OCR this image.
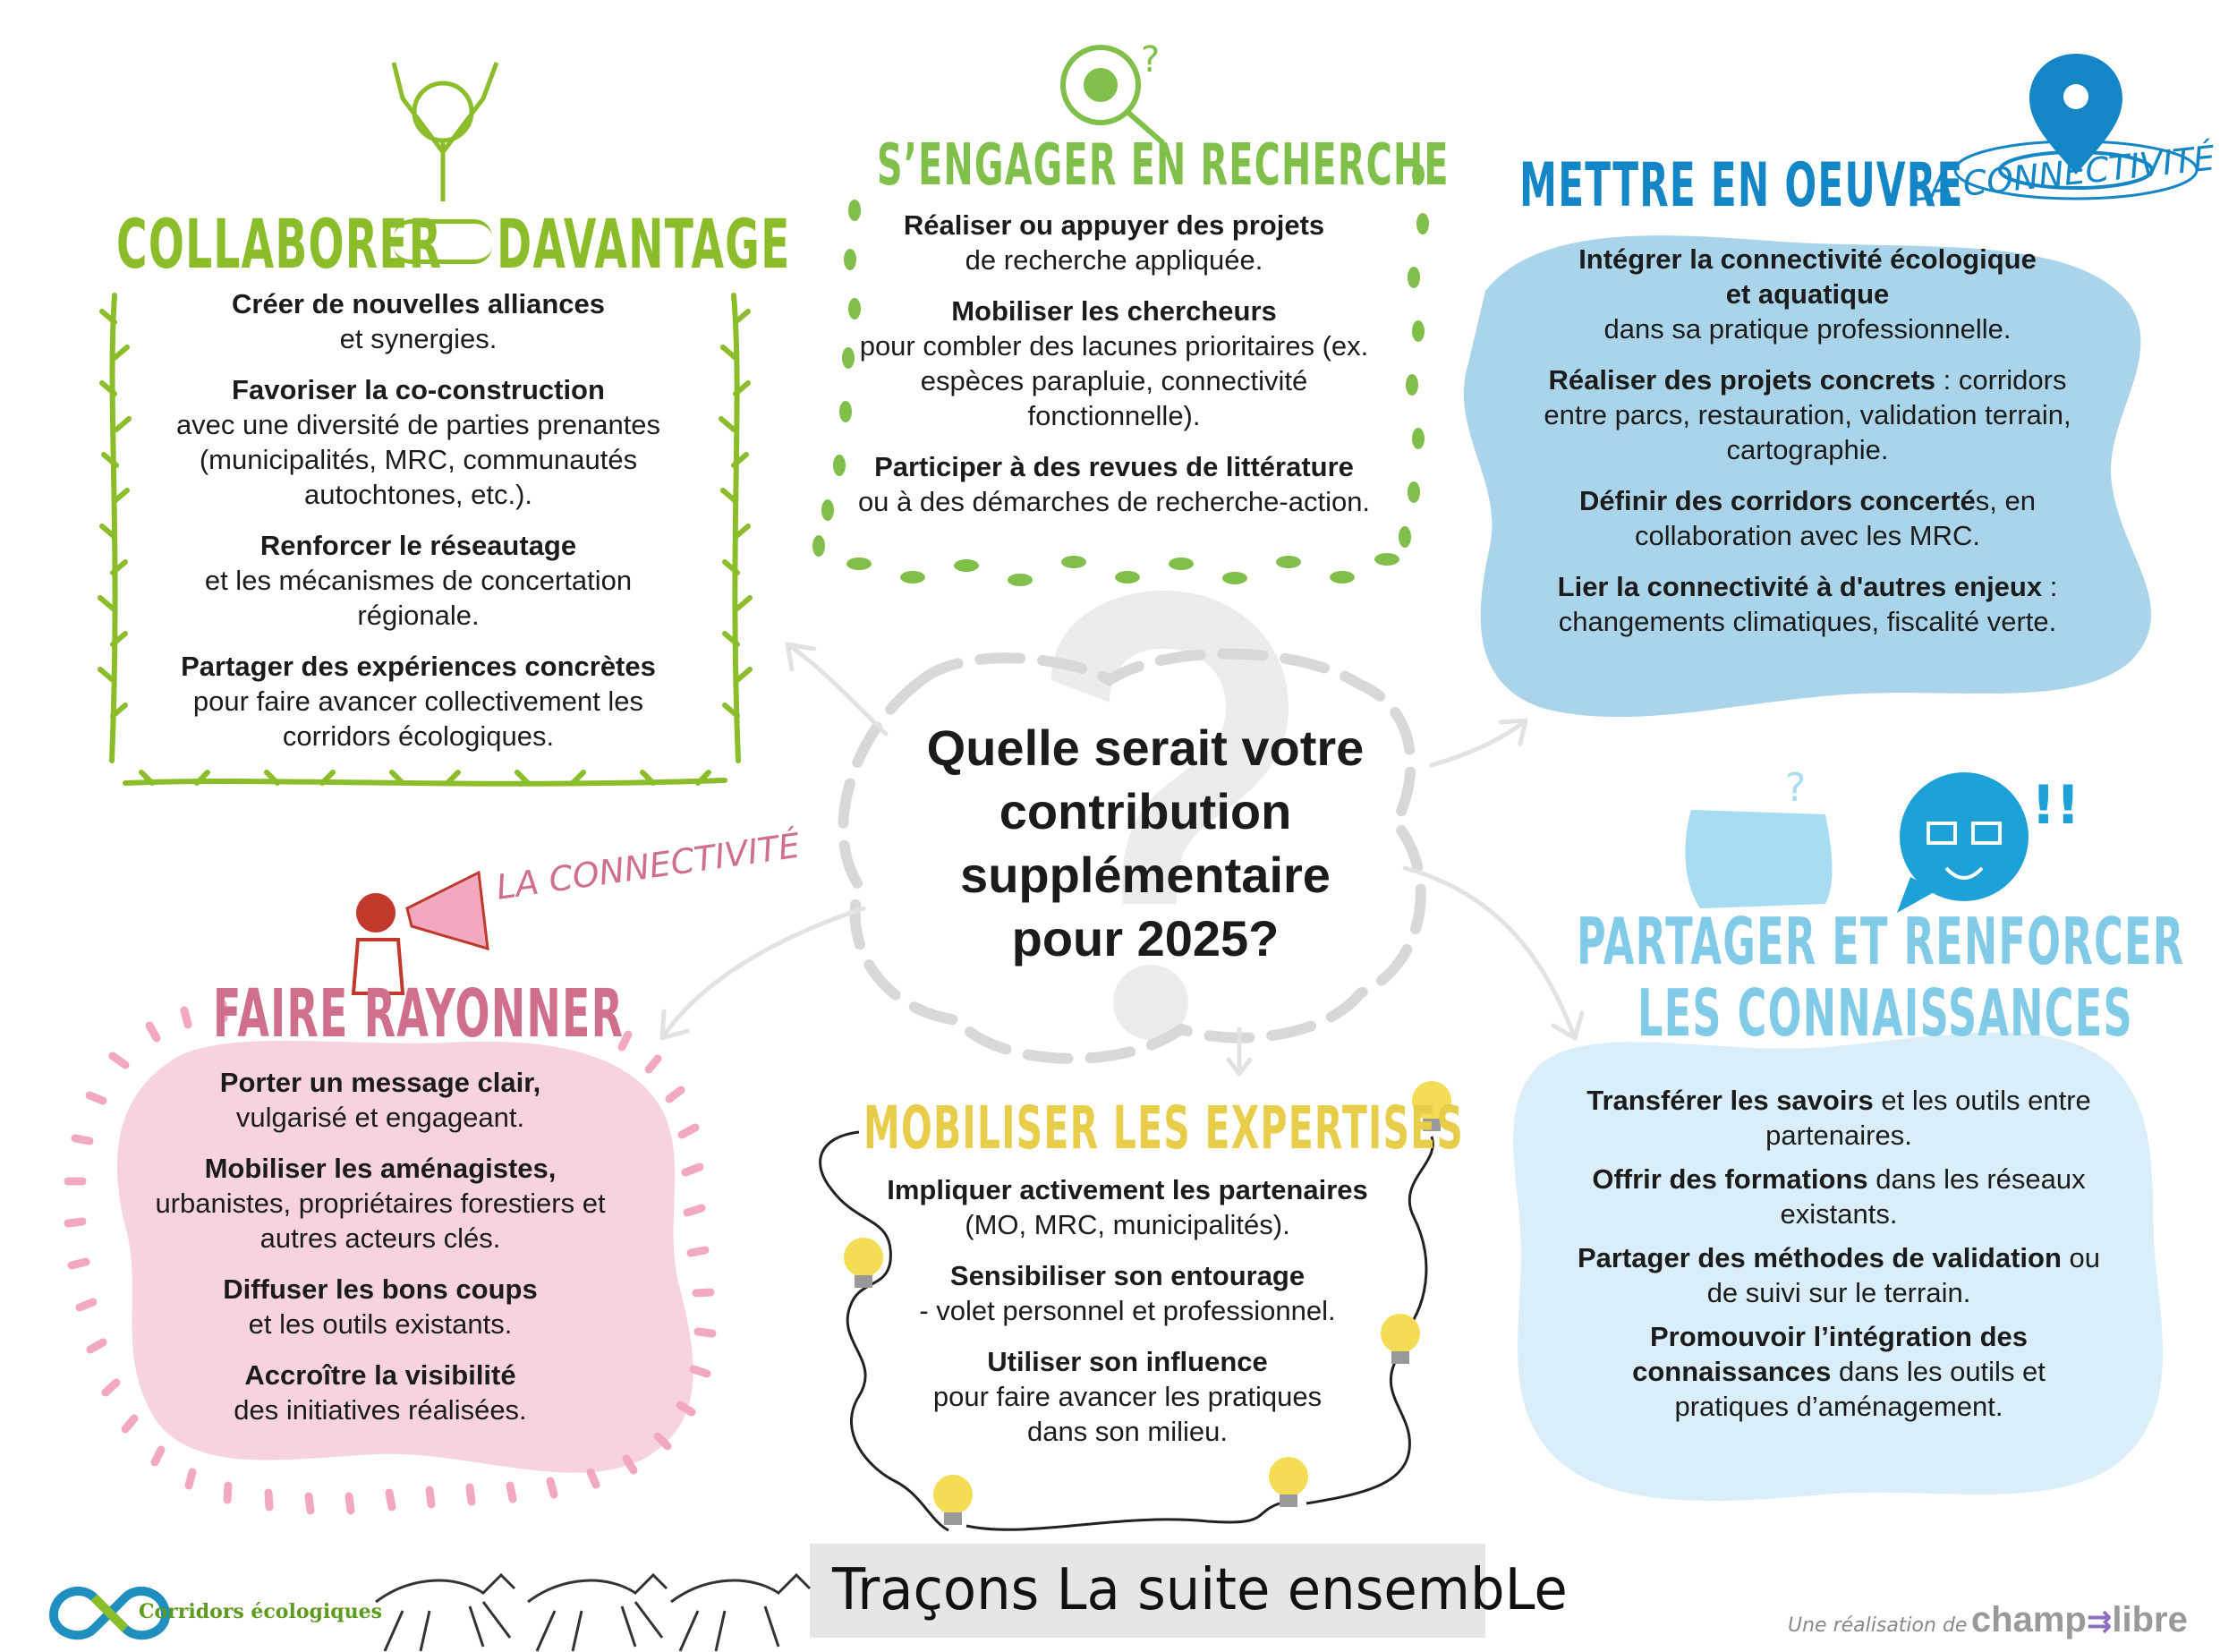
?	!!
?
Quelle serait votre
contribution
supplémentaire
pour 2025?
COLLABORER DAVANTAGE
Créer de nouvelles alliances
et synergies.
Favoriser la co-construction
avec une diversité de parties prenantes (municipalités, MRC, communautés autochtones, etc.).
Renforcer le réseautage
et les mécanismes de concertation régionale.
Partager des expériences concrètes
pour faire avancer collectivement les corridors écologiques.
S’ENGAGER EN RECHERCHE
Réaliser ou appuyer des projets
de recherche appliquée.
Mobiliser les chercheurs
pour combler des lacunes prioritaires (ex. espèces parapluie, connectivité fonctionnelle).
Participer à des revues de littérature
ou à des démarches de recherche-action.
METTRE EN OEUVRE
LA CONNECTIVITÉ
Intégrer la connectivité écologique et aquatique
dans sa pratique professionnelle.
Réaliser des projets concrets : corridors entre parcs, restauration, validation terrain, cartographie.
Définir des corridors concertés, en collaboration avec les MRC.
Lier la connectivité à d'autres enjeux : changements climatiques, fiscalité verte.
LA CONNECTIVITÉ
FAIRE RAYONNER
Porter un message clair,
vulgarisé et engageant.
Mobiliser les aménagistes,
urbanistes, propriétaires forestiers et autres acteurs clés.
Diffuser les bons coups
et les outils existants.
Accroître la visibilité
des initiatives réalisées.
MOBILISER LES EXPERTISES
Impliquer activement les partenaires
(MO, MRC, municipalités).
Sensibiliser son entourage
- volet personnel et professionnel.
Utiliser son influence
pour faire avancer les pratiques dans son milieu.
PARTAGER ET RENFORCER
LES CONNAISSANCES
Transférer les savoirs et les outils entre partenaires.
Offrir des formations dans les réseaux existants.
Partager des méthodes de validation ou de suivi sur le terrain.
Promouvoir l’intégration des connaissances dans les outils et pratiques d’aménagement.
Traçons La suite ensembLe
Corridors écologiques
Une réalisation de champ⇉libre
